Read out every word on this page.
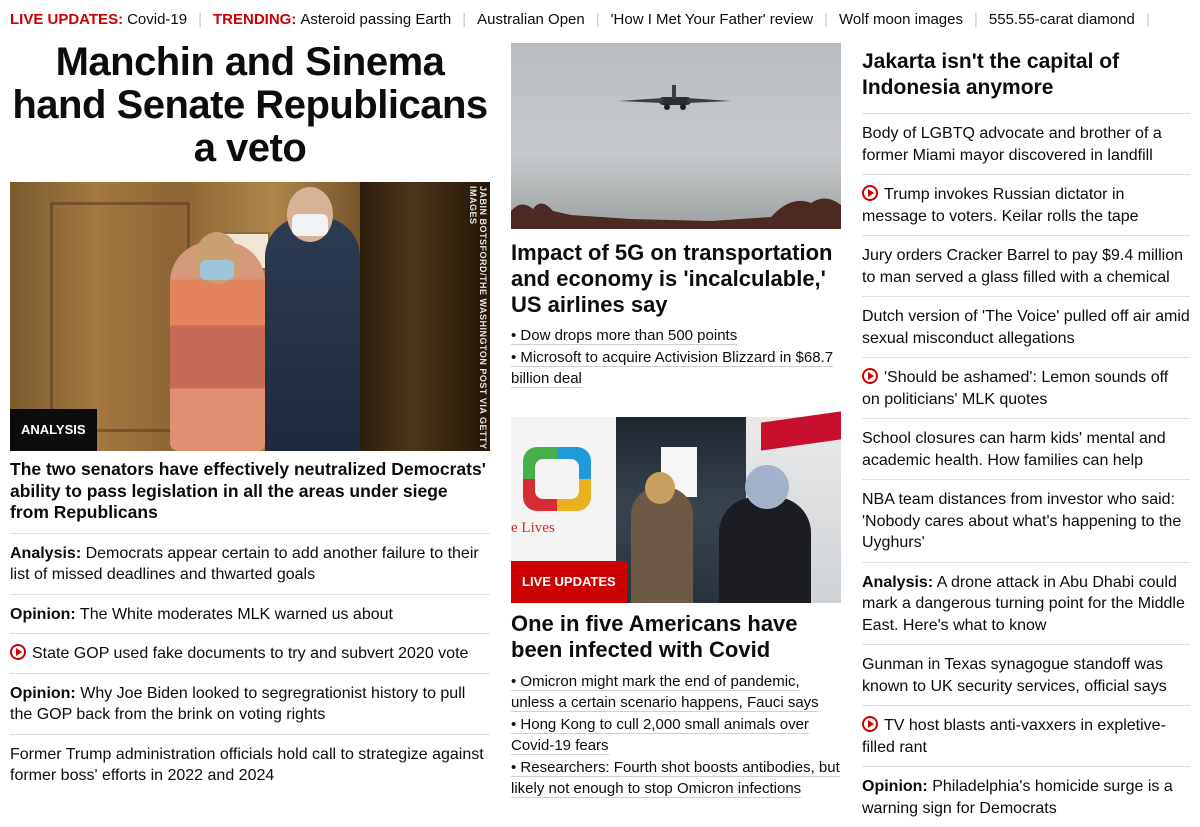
LIVE UPDATES: Covid-19 | TRENDING: Asteroid passing Earth | Australian Open | 'How I Met Your Father' review | Wolf moon images | 555.55-carat diamond |
Manchin and Sinema hand Senate Republicans a veto
JABIN BOTSFORD/THE WASHINGTON POST VIA GETTY IMAGES
ANALYSIS
The two senators have effectively neutralized Democrats' ability to pass legislation in all the areas under siege from Republicans
Analysis: Democrats appear certain to add another failure to their list of missed deadlines and thwarted goals
Opinion: The White moderates MLK warned us about
State GOP used fake documents to try and subvert 2020 vote
Opinion: Why Joe Biden looked to segregrationist history to pull the GOP back from the brink on voting rights
Former Trump administration officials hold call to strategize against former boss' efforts in 2022 and 2024
Impact of 5G on transportation and economy is 'incalculable,' US airlines say
• Dow drops more than 500 points
• Microsoft to acquire Activision Blizzard in $68.7 billion deal
e Lives
LIVE UPDATES
One in five Americans have been infected with Covid
• Omicron might mark the end of pandemic, unless a certain scenario happens, Fauci says
• Hong Kong to cull 2,000 small animals over Covid-19 fears
• Researchers: Fourth shot boosts antibodies, but likely not enough to stop Omicron infections
Jakarta isn't the capital of Indonesia anymore
Body of LGBTQ advocate and brother of a former Miami mayor discovered in landfill
Trump invokes Russian dictator in message to voters. Keilar rolls the tape
Jury orders Cracker Barrel to pay $9.4 million to man served a glass filled with a chemical
Dutch version of 'The Voice' pulled off air amid sexual misconduct allegations
'Should be ashamed': Lemon sounds off on politicians' MLK quotes
School closures can harm kids' mental and academic health. How families can help
NBA team distances from investor who said: 'Nobody cares about what's happening to the Uyghurs'
Analysis: A drone attack in Abu Dhabi could mark a dangerous turning point for the Middle East. Here's what to know
Gunman in Texas synagogue standoff was known to UK security services, official says
TV host blasts anti-vaxxers in expletive-filled rant
Opinion: Philadelphia's homicide surge is a warning sign for Democrats
